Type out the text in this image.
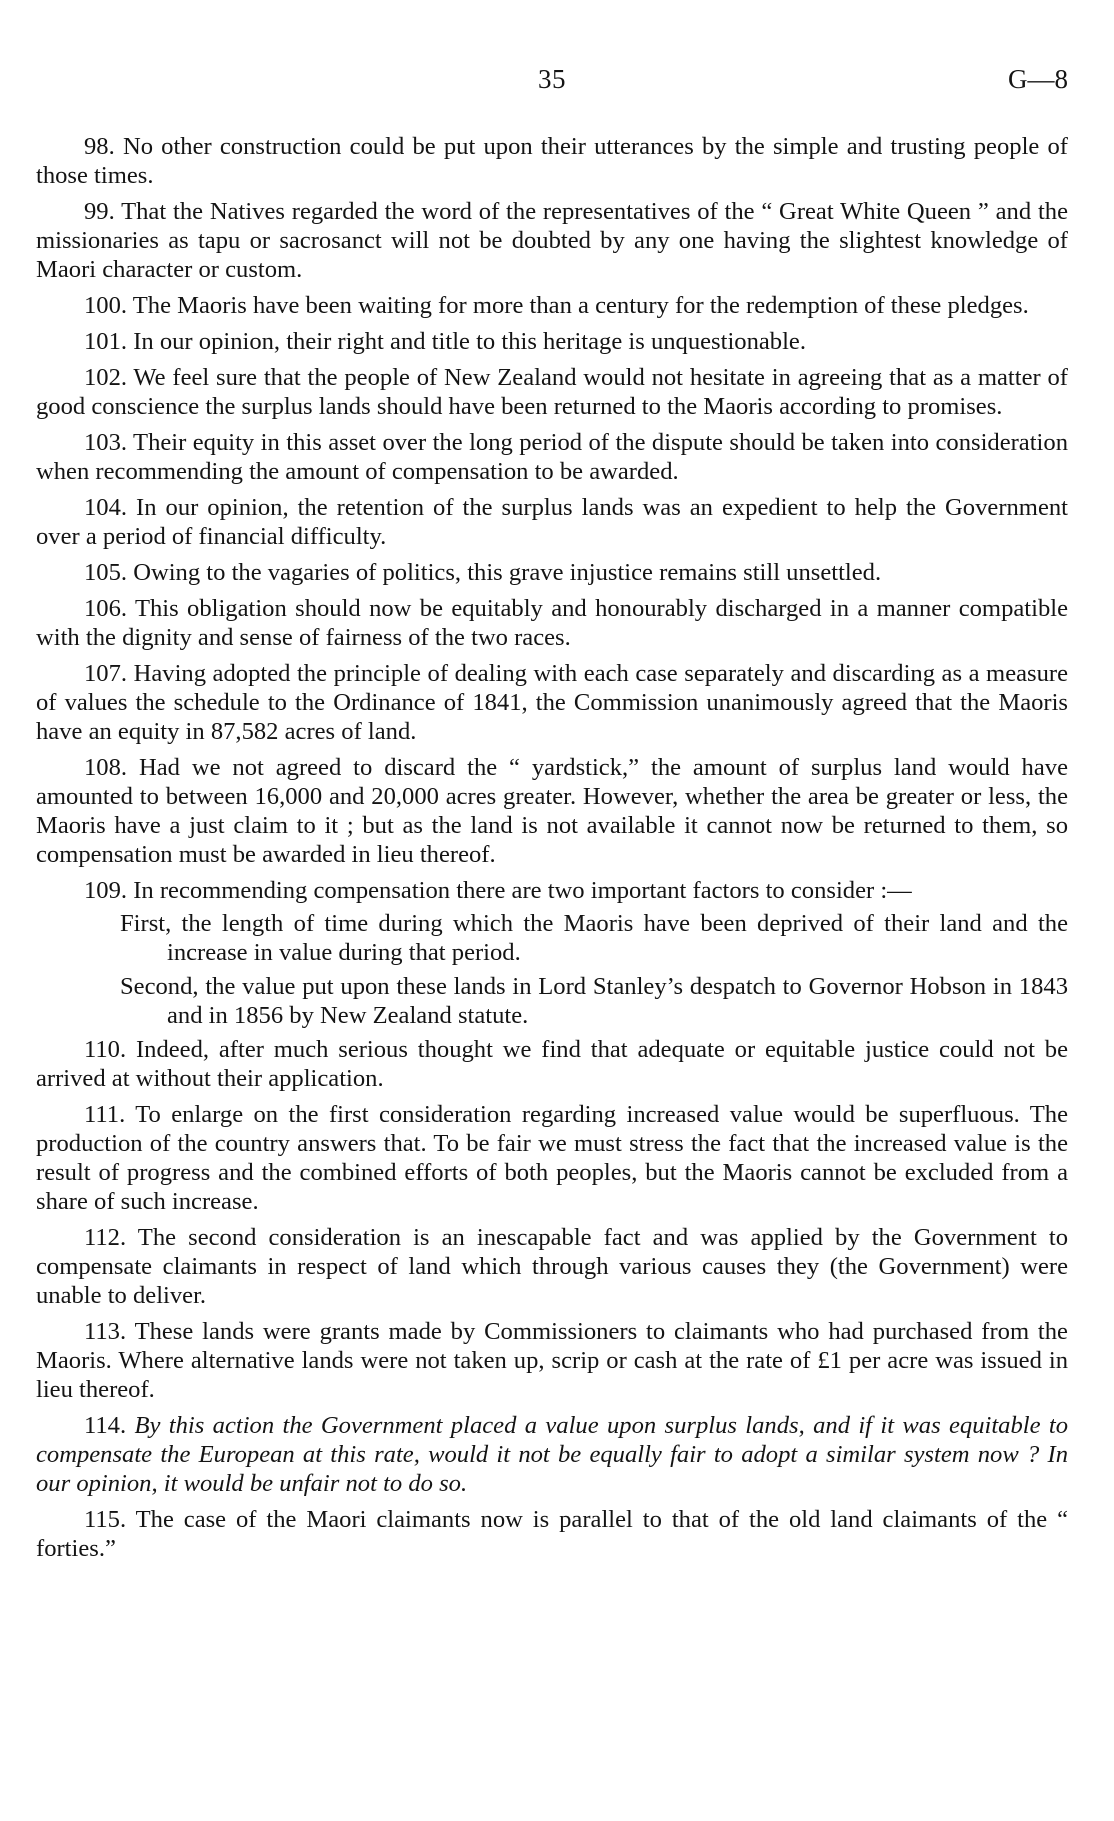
35	G—8

98. No other construction could be put upon their utterances by the simple and trusting people of those times.

99. That the Natives regarded the word of the representatives of the “ Great White Queen ” and the missionaries as tapu or sacrosanct will not be doubted by any one having the slightest knowledge of Maori character or custom.

100. The Maoris have been waiting for more than a century for the redemption of these pledges.

101. In our opinion, their right and title to this heritage is unquestionable.

102. We feel sure that the people of New Zealand would not hesitate in agreeing that as a matter of good conscience the surplus lands should have been returned to the Maoris according to promises.

103. Their equity in this asset over the long period of the dispute should be taken into consideration when recommending the amount of compensation to be awarded.

104. In our opinion, the retention of the surplus lands was an expedient to help the Government over a period of financial difficulty.

105. Owing to the vagaries of politics, this grave injustice remains still unsettled.

106. This obligation should now be equitably and honourably discharged in a manner compatible with the dignity and sense of fairness of the two races.

107. Having adopted the principle of dealing with each case separately and discarding as a measure of values the schedule to the Ordinance of 1841, the Commission unanimously agreed that the Maoris have an equity in 87,582 acres of land.

108. Had we not agreed to discard the “ yardstick,” the amount of surplus land would have amounted to between 16,000 and 20,000 acres greater. However, whether the area be greater or less, the Maoris have a just claim to it ; but as the land is not available it cannot now be returned to them, so compensation must be awarded in lieu thereof.

109. In recommending compensation there are two important factors to consider :—

First, the length of time during which the Maoris have been deprived of their land and the increase in value during that period.

Second, the value put upon these lands in Lord Stanley’s despatch to Governor Hobson in 1843 and in 1856 by New Zealand statute.

110. Indeed, after much serious thought we find that adequate or equitable justice could not be arrived at without their application.

111. To enlarge on the first consideration regarding increased value would be superfluous. The production of the country answers that. To be fair we must stress the fact that the increased value is the result of progress and the combined efforts of both peoples, but the Maoris cannot be excluded from a share of such increase.

112. The second consideration is an inescapable fact and was applied by the Government to compensate claimants in respect of land which through various causes they (the Government) were unable to deliver.

113. These lands were grants made by Commissioners to claimants who had purchased from the Maoris. Where alternative lands were not taken up, scrip or cash at the rate of £1 per acre was issued in lieu thereof.

114. By this action the Government placed a value upon surplus lands, and if it was equitable to compensate the European at this rate, would it not be equally fair to adopt a similar system now ? In our opinion, it would be unfair not to do so.

115. The case of the Maori claimants now is parallel to that of the old land claimants of the “ forties.”
